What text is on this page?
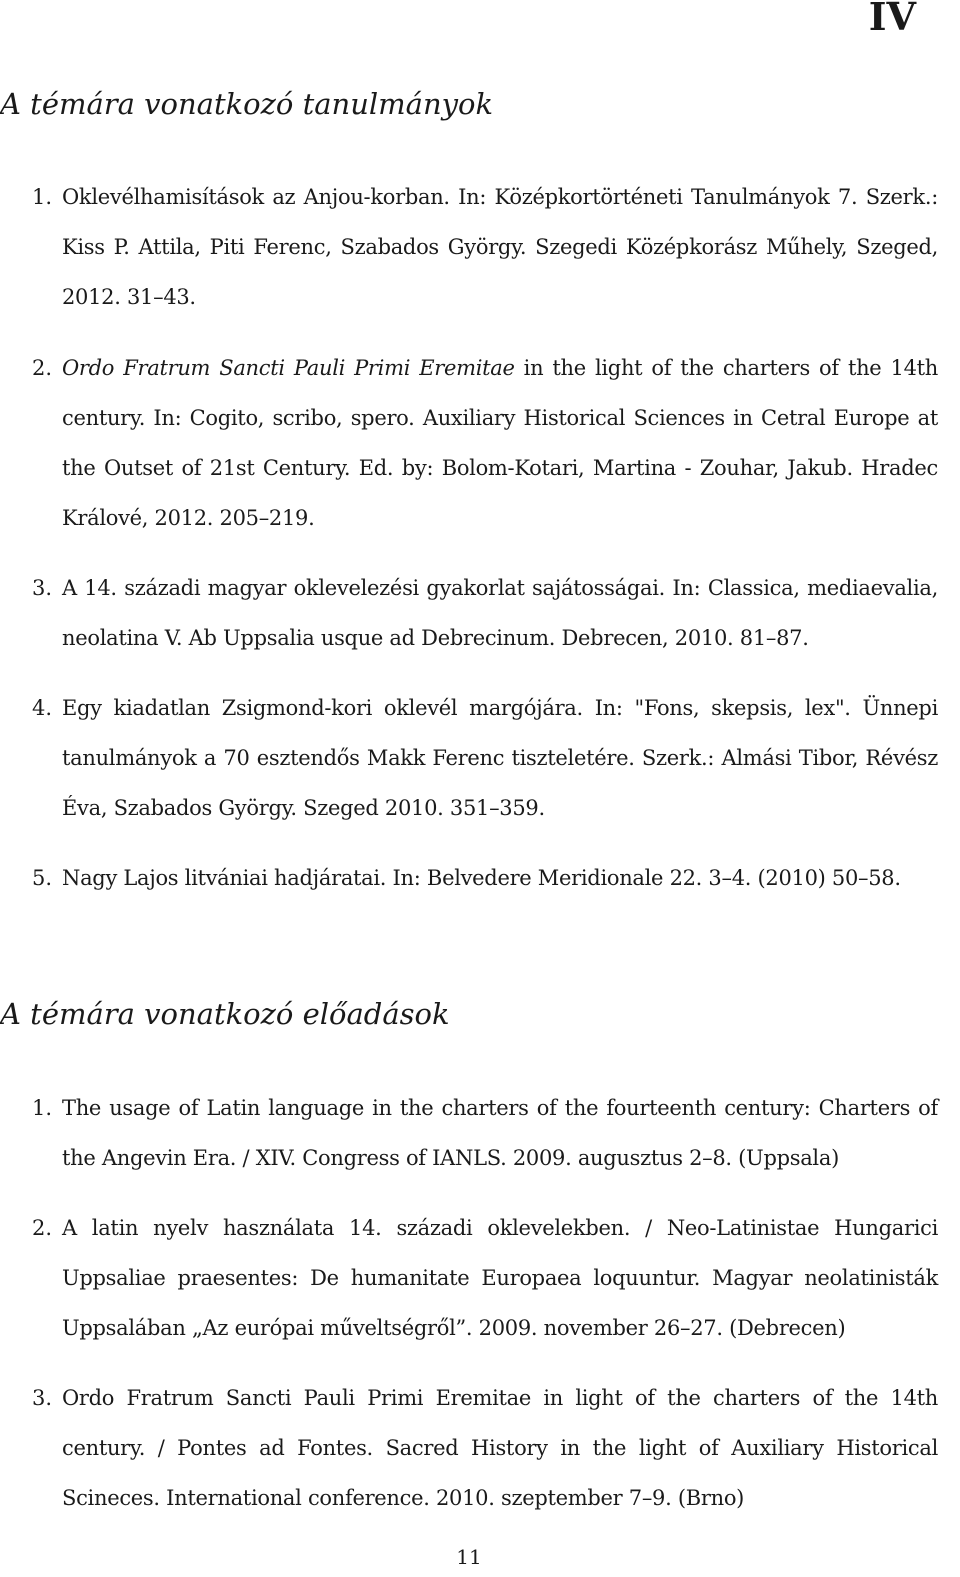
IV
A témára vonatkozó tanulmányok
1. Oklevélhamisítások az Anjou-korban. In: Középkortörténeti Tanulmányok 7. Szerk.: Kiss P. Attila, Piti Ferenc, Szabados György. Szegedi Középkorász Műhely, Szeged, 2012. 31–43.
2. Ordo Fratrum Sancti Pauli Primi Eremitae in the light of the charters of the 14th century. In: Cogito, scribo, spero. Auxiliary Historical Sciences in Cetral Europe at the Outset of 21st Century. Ed. by: Bolom-Kotari, Martina - Zouhar, Jakub. Hradec Králové, 2012. 205–219.
3. A 14. századi magyar oklevelezési gyakorlat sajátosságai. In: Classica, mediaevalia, neolatina V. Ab Uppsalia usque ad Debrecinum. Debrecen, 2010. 81–87.
4. Egy kiadatlan Zsigmond-kori oklevél margójára. In: "Fons, skepsis, lex". Ünnepi tanulmányok a 70 esztendős Makk Ferenc tiszteletére. Szerk.: Almási Tibor, Révész Éva, Szabados György. Szeged 2010. 351–359.
5. Nagy Lajos litvániai hadjáratai. In: Belvedere Meridionale 22. 3–4. (2010) 50–58.
A témára vonatkozó előadások
1. The usage of Latin language in the charters of the fourteenth century: Charters of the Angevin Era. / XIV. Congress of IANLS. 2009. augusztus 2–8. (Uppsala)
2. A latin nyelv használata 14. századi oklevelekben. / Neo-Latinistae Hungarici Uppsaliae praesentes: De humanitate Europaea loquuntur. Magyar neolatinisták Uppsalában „Az európai műveltségről”. 2009. november 26–27. (Debrecen)
3. Ordo Fratrum Sancti Pauli Primi Eremitae in light of the charters of the 14th century. / Pontes ad Fontes. Sacred History in the light of Auxiliary Historical Scineces. International conference. 2010. szeptember 7–9. (Brno)
11
